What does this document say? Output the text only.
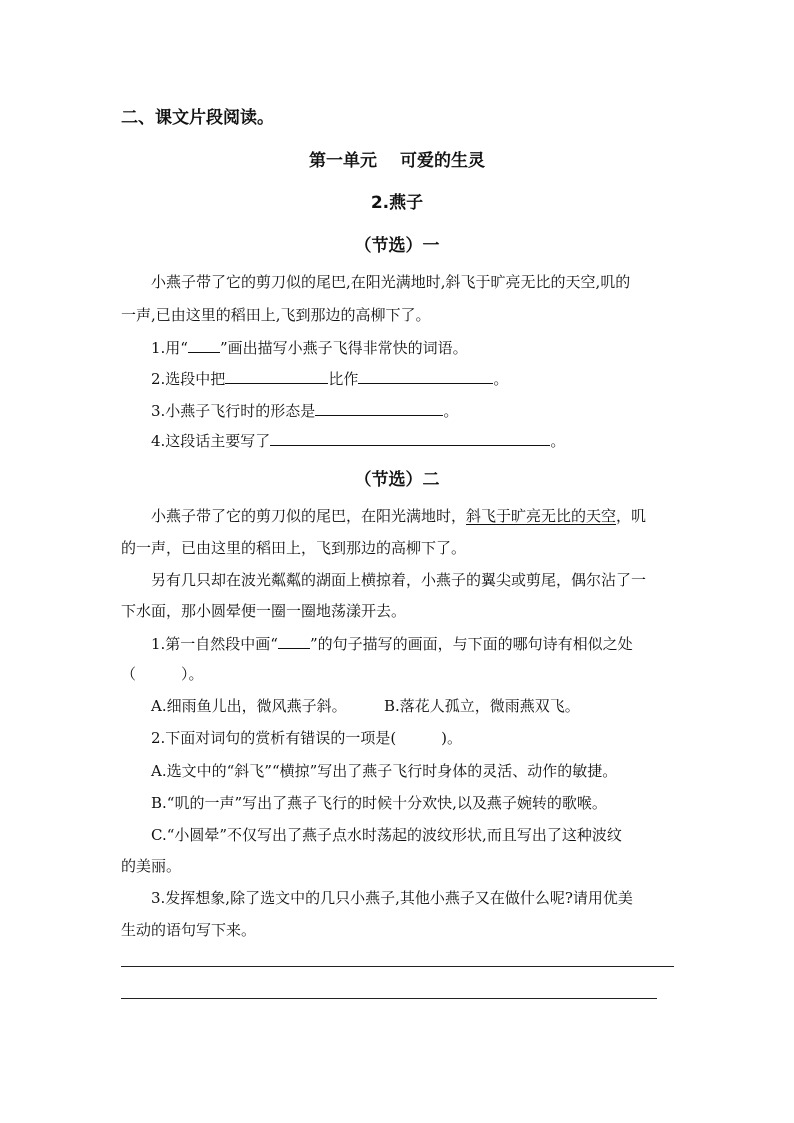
二、课文片段阅读。
第一单元　 可爱的生灵
2.燕子
（节选）一
小燕子带了它的剪刀似的尾巴,在阳光满地时,斜飞于旷亮无比的天空,叽的
一声,已由这里的稻田上,飞到那边的高柳下了。
1.用“ ”画出描写小燕子飞得非常快的词语。
2.选段中把	比作	。
3.小燕子飞行时的形态是	。
4.这段话主要写了	。
（节选）二
小燕子带了它的剪刀似的尾巴，在阳光满地时，斜飞于旷亮无比的天空，叽
的一声，已由这里的稻田上，飞到那边的高柳下了。
另有几只却在波光粼粼的湖面上横掠着，小燕子的翼尖或剪尾，偶尔沾了一
下水面，那小圆晕便一圈一圈地荡漾开去。
1.第一自然段中画“ ”的句子描写的画面，与下面的哪句诗有相似之处
（　　　）。
A.细雨鱼儿出，微风燕子斜。 B.落花人孤立，微雨燕双飞。
2.下面对词句的赏析有错误的一项是(　　　)。
A.选文中的“斜飞”“横掠”写出了燕子飞行时身体的灵活、动作的敏捷。
B.“叽的一声”写出了燕子飞行的时候十分欢快,以及燕子婉转的歌喉。
C.“小圆晕”不仅写出了燕子点水时荡起的波纹形状,而且写出了这种波纹
的美丽。
3.发挥想象,除了选文中的几只小燕子,其他小燕子又在做什么呢?请用优美
生动的语句写下来。
